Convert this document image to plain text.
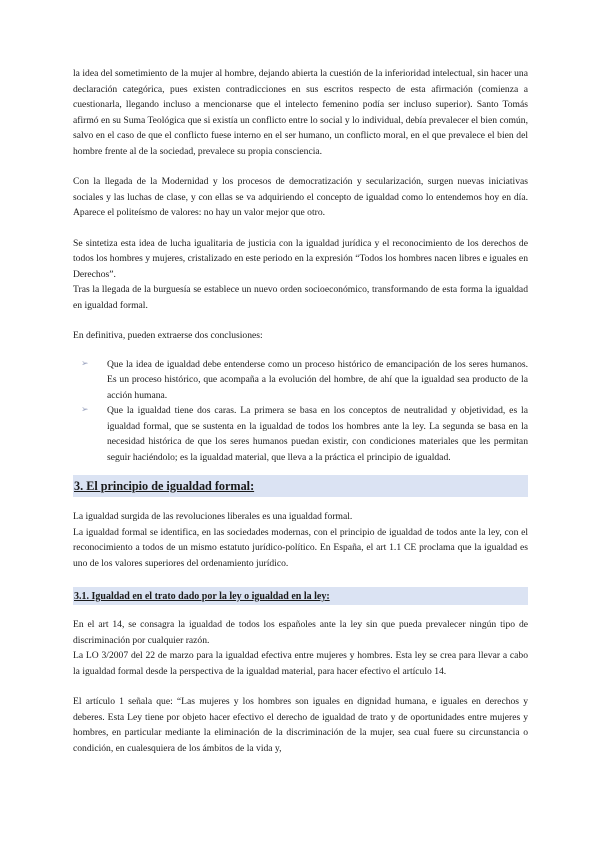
la idea del sometimiento de la mujer al hombre, dejando abierta la cuestión de la inferioridad intelectual, sin hacer una declaración categórica, pues existen contradicciones en sus escritos respecto de esta afirmación (comienza a cuestionarla, llegando incluso a mencionarse que el intelecto femenino podía ser incluso superior). Santo Tomás afirmó en su Suma Teológica que si existía un conflicto entre lo social y lo individual, debía prevalecer el bien común, salvo en el caso de que el conflicto fuese interno en el ser humano, un conflicto moral, en el que prevalece el bien del hombre frente al de la sociedad, prevalece su propia consciencia.

Con la llegada de la Modernidad y los procesos de democratización y secularización, surgen nuevas iniciativas sociales y las luchas de clase, y con ellas se va adquiriendo el concepto de igualdad como lo entendemos hoy en día. Aparece el politeísmo de valores: no hay un valor mejor que otro.

Se sintetiza esta idea de lucha igualitaria de justicia con la igualdad jurídica y el reconocimiento de los derechos de todos los hombres y mujeres, cristalizado en este periodo en la expresión “Todos los hombres nacen libres e iguales en Derechos”.

Tras la llegada de la burguesía se establece un nuevo orden socioeconómico, transformando de esta forma la igualdad en igualdad formal.

En definitiva, pueden extraerse dos conclusiones:

➢ Que la idea de igualdad debe entenderse como un proceso histórico de emancipación de los seres humanos. Es un proceso histórico, que acompaña a la evolución del hombre, de ahí que la igualdad sea producto de la acción humana.
➢ Que la igualdad tiene dos caras. La primera se basa en los conceptos de neutralidad y objetividad, es la igualdad formal, que se sustenta en la igualdad de todos los hombres ante la ley. La segunda se basa en la necesidad histórica de que los seres humanos puedan existir, con condiciones materiales que les permitan seguir haciéndolo; es la igualdad material, que lleva a la práctica el principio de igualdad.
3. El principio de igualdad formal:

La igualdad surgida de las revoluciones liberales es una igualdad formal.

La igualdad formal se identifica, en las sociedades modernas, con el principio de igualdad de todos ante la ley, con el reconocimiento a todos de un mismo estatuto jurídico-político. En España, el art 1.1 CE proclama que la igualdad es uno de los valores superiores del ordenamiento jurídico.

3.1. Igualdad en el trato dado por la ley o igualdad en la ley:

En el art 14, se consagra la igualdad de todos los españoles ante la ley sin que pueda prevalecer ningún tipo de discriminación por cualquier razón.

La LO 3/2007 del 22 de marzo para la igualdad efectiva entre mujeres y hombres. Esta ley se crea para llevar a cabo la igualdad formal desde la perspectiva de la igualdad material, para hacer efectivo el artículo 14.

El artículo 1 señala que: “Las mujeres y los hombres son iguales en dignidad humana, e iguales en derechos y deberes. Esta Ley tiene por objeto hacer efectivo el derecho de igualdad de trato y de oportunidades entre mujeres y hombres, en particular mediante la eliminación de la discriminación de la mujer, sea cual fuere su circunstancia o condición, en cualesquiera de los ámbitos de la vida y,
